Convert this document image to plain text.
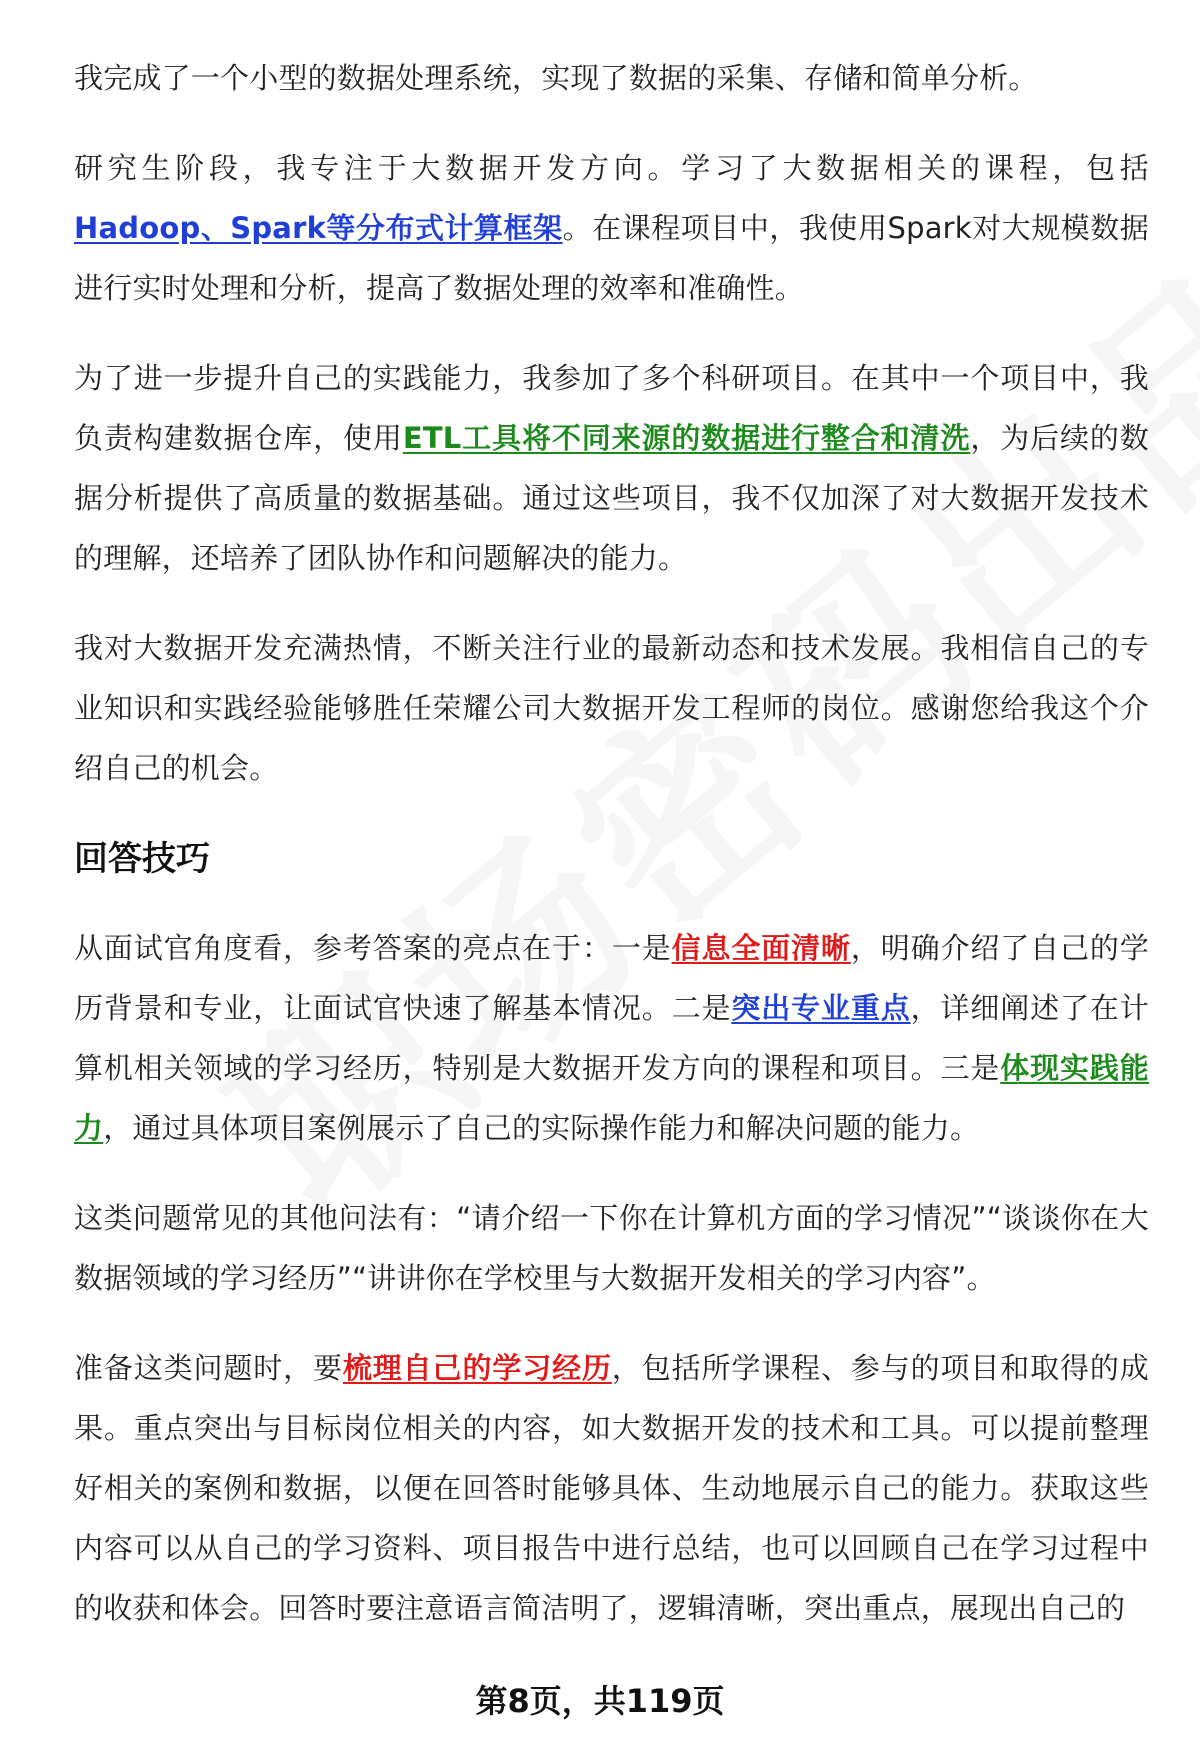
我完成了一个小型的数据处理系统，实现了数据的采集、存储和简单分析。

研究生阶段，我专注于大数据开发方向。学习了大数据相关的课程，包括Hadoop、Spark等分布式计算框架。在课程项目中，我使用Spark对大规模数据进行实时处理和分析，提高了数据处理的效率和准确性。

为了进一步提升自己的实践能力，我参加了多个科研项目。在其中一个项目中，我负责构建数据仓库，使用ETL工具将不同来源的数据进行整合和清洗，为后续的数据分析提供了高质量的数据基础。通过这些项目，我不仅加深了对大数据开发技术的理解，还培养了团队协作和问题解决的能力。

我对大数据开发充满热情，不断关注行业的最新动态和技术发展。我相信自己的专业知识和实践经验能够胜任荣耀公司大数据开发工程师的岗位。感谢您给我这个介绍自己的机会。

回答技巧

从面试官角度看，参考答案的亮点在于：一是信息全面清晰，明确介绍了自己的学历背景和专业，让面试官快速了解基本情况。二是突出专业重点，详细阐述了在计算机相关领域的学习经历，特别是大数据开发方向的课程和项目。三是体现实践能力，通过具体项目案例展示了自己的实际操作能力和解决问题的能力。

这类问题常见的其他问法有：“请介绍一下你在计算机方面的学习情况”“谈谈你在大数据领域的学习经历”“讲讲你在学校里与大数据开发相关的学习内容”。

准备这类问题时，要梳理自己的学习经历，包括所学课程、参与的项目和取得的成果。重点突出与目标岗位相关的内容，如大数据开发的技术和工具。可以提前整理好相关的案例和数据，以便在回答时能够具体、生动地展示自己的能力。获取这些内容可以从自己的学习资料、项目报告中进行总结，也可以回顾自己在学习过程中的收获和体会。回答时要注意语言简洁明了，逻辑清晰，突出重点，展现出自己的

第8页，共119页
